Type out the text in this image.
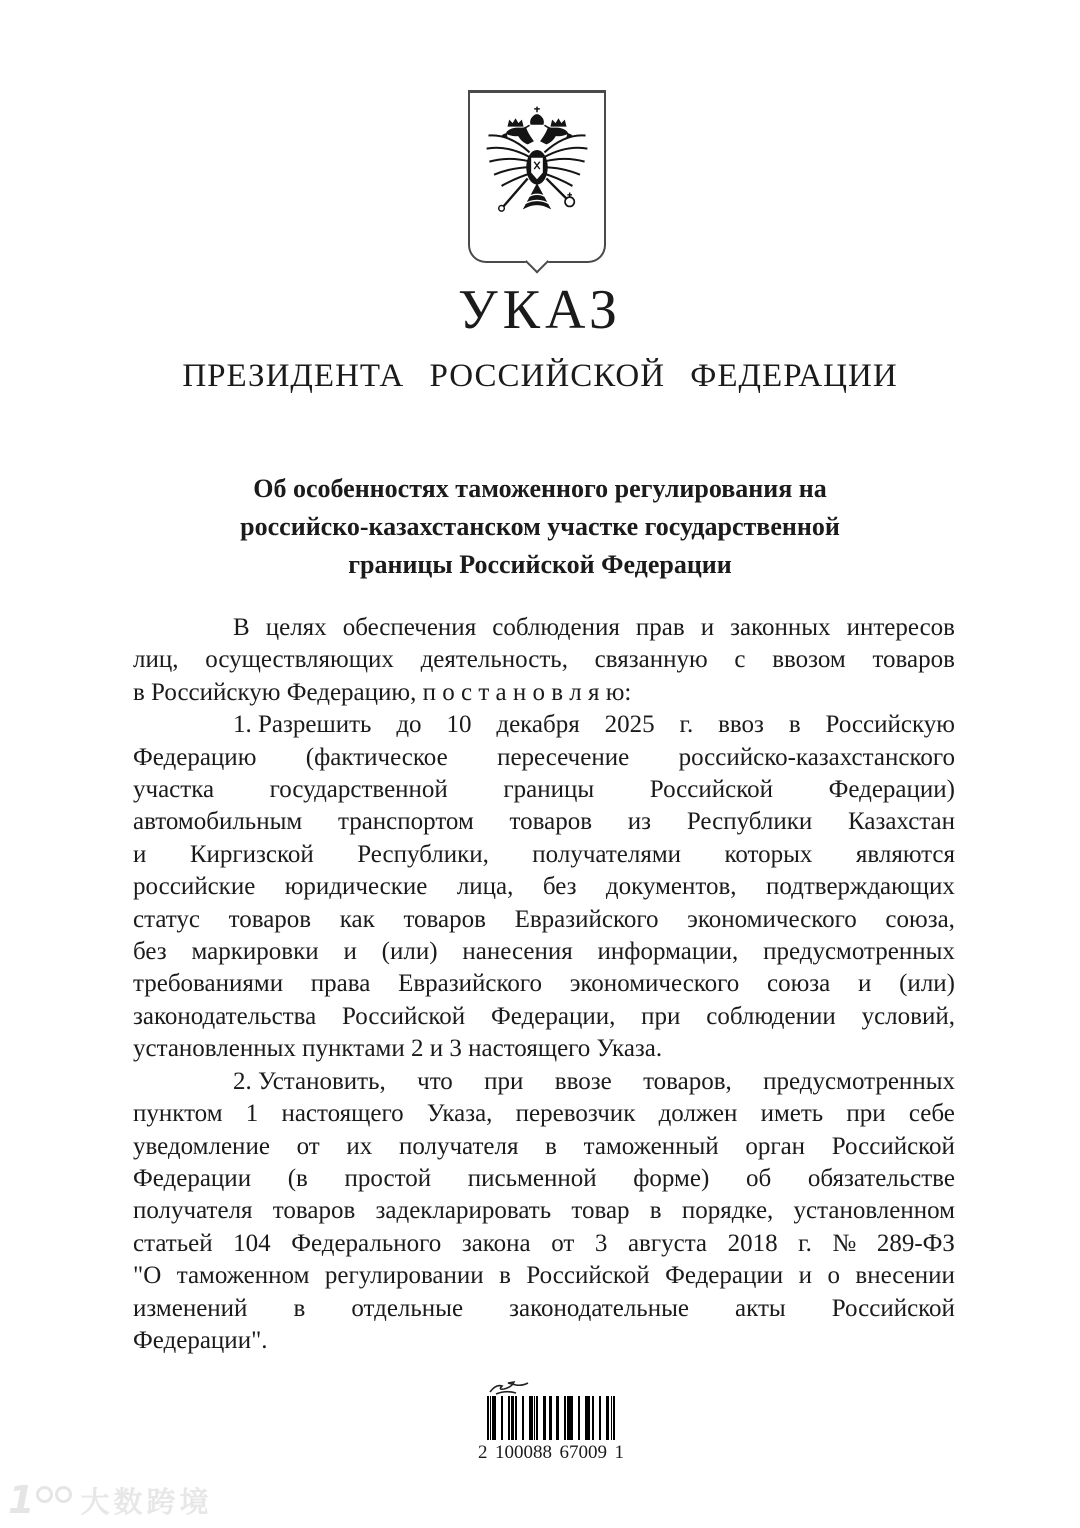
УКАЗ
ПРЕЗИДЕНТА РОССИЙСКОЙ ФЕДЕРАЦИИ
Об особенностях таможенного регулирования на
российско-казахстанском участке государственной
границы Российской Федерации
В целях обеспечения соблюдения прав и законных интересов
лиц, осуществляющих деятельность, связанную с ввозом товаров
в Российскую Федерацию, п о с т а н о в л я ю:
1. Разрешить до 10 декабря 2025 г. ввоз в Российскую
Федерацию (фактическое пересечение российско-казахстанского
участка государственной границы Российской Федерации)
автомобильным транспортом товаров из Республики Казахстан
и Киргизской Республики, получателями которых являются
российские юридические лица, без документов, подтверждающих
статус товаров как товаров Евразийского экономического союза,
без маркировки и (или) нанесения информации, предусмотренных
требованиями права Евразийского экономического союза и (или)
законодательства Российской Федерации, при соблюдении условий,
установленных пунктами 2 и 3 настоящего Указа.
2. Установить, что при ввозе товаров, предусмотренных
пунктом 1 настоящего Указа, перевозчик должен иметь при себе
уведомление от их получателя в таможенный орган Российской
Федерации (в простой письменной форме) об обязательстве
получателя товаров задекларировать товар в порядке, установленном
статьей 104 Федерального закона от 3 августа 2018 г. № 289-ФЗ
"О таможенном регулировании в Российской Федерации и о внесении
изменений в отдельные законодательные акты Российской
Федерации".
2 100088 67009 1
1 大数跨境
